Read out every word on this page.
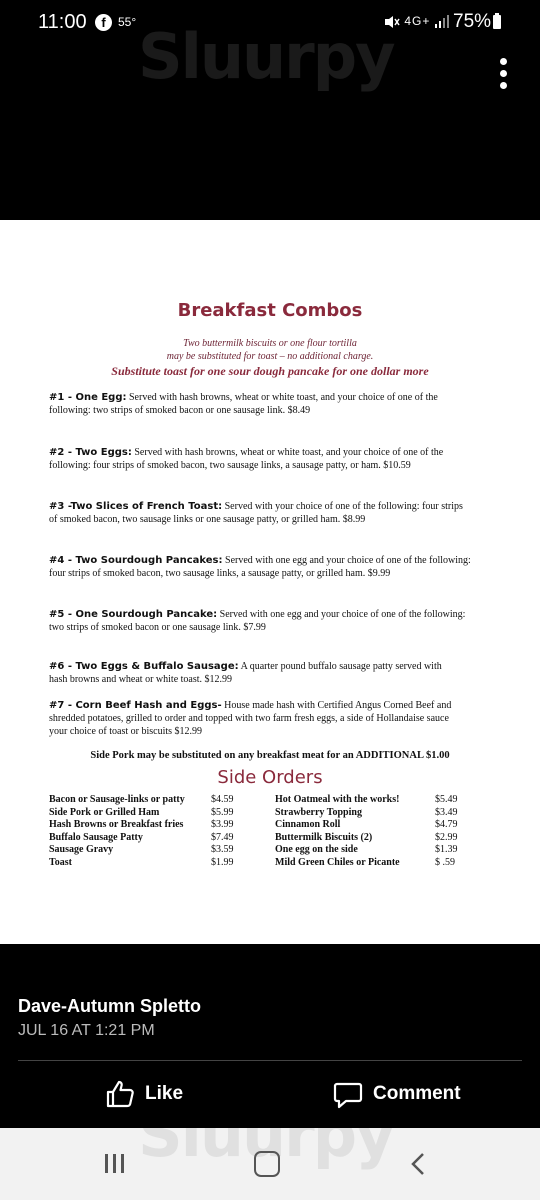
11:00	f	55°	4G+	75%
Sluurpy
Breakfast Combos
Two buttermilk biscuits or one flour tortilla
may be substituted for toast – no additional charge.
Substitute toast for one sour dough pancake for one dollar more
#1 - One Egg: Served with hash browns, wheat or white toast, and your choice of one of the
following: two strips of smoked bacon or one sausage link. $8.49
#2 - Two Eggs: Served with hash browns, wheat or white toast, and your choice of one of the
following: four strips of smoked bacon, two sausage links, a sausage patty, or ham. $10.59
#3 -Two Slices of French Toast: Served with your choice of one of the following: four strips
of smoked bacon, two sausage links or one sausage patty, or grilled ham. $8.99
#4 - Two Sourdough Pancakes: Served with one egg and your choice of one of the following:
four strips of smoked bacon, two sausage links, a sausage patty, or grilled ham. $9.99
#5 - One Sourdough Pancake: Served with one egg and your choice of one of the following:
two strips of smoked bacon or one sausage link. $7.99
#6 - Two Eggs & Buffalo Sausage: A quarter pound buffalo sausage patty served with
hash browns and wheat or white toast. $12.99
#7 - Corn Beef Hash and Eggs- House made hash with Certified Angus Corned Beef and
shredded potatoes, grilled to order and topped with two farm fresh eggs, a side of Hollandaise sauce
your choice of toast or biscuits $12.99
Side Pork may be substituted on any breakfast meat for an ADDITIONAL $1.00
Side Orders
Bacon or Sausage-links or patty	$4.59
Side Pork or Grilled Ham	$5.99
Hash Browns or Breakfast fries	$3.99
Buffalo Sausage Patty	$7.49
Sausage Gravy	$3.59
Toast	$1.99
Hot Oatmeal with the works!	$5.49
Strawberry Topping	$3.49
Cinnamon Roll	$4.79
Buttermilk Biscuits (2)	$2.99
One egg on the side	$1.39
Mild Green Chiles or Picante	$ .59
Dave-Autumn Spletto
JUL 16 AT 1:21 PM
Like	Comment
Sluurpy
